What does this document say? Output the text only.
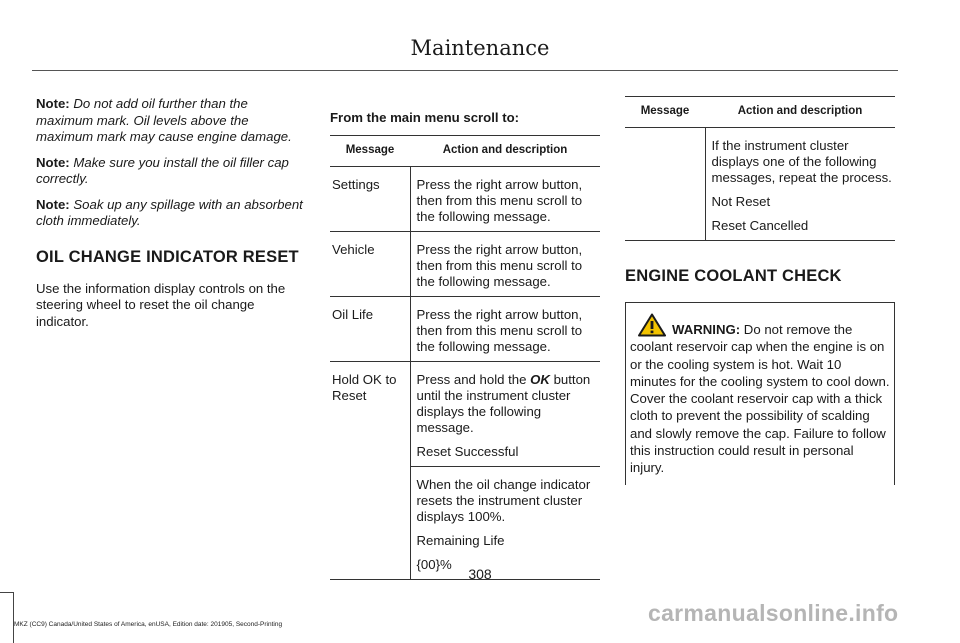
Maintenance

Note: Do not add oil further than the maximum mark. Oil levels above the maximum mark may cause engine damage.

Note: Make sure you install the oil filler cap correctly.

Note: Soak up any spillage with an absorbent cloth immediately.

OIL CHANGE INDICATOR RESET

Use the information display controls on the steering wheel to reset the oil change indicator.

From the main menu scroll to:
Message	Action and description
Settings	Press the right arrow button, then from this menu scroll to the following message.
Vehicle	Press the right arrow button, then from this menu scroll to the following message.
Oil Life	Press the right arrow button, then from this menu scroll to the following message.
Hold OK to Reset	Press and hold the OK button until the instrument cluster displays the following message.
Reset Successful

	When the oil change indicator resets the instrument cluster displays 100%.
Remaining Life
{00}%
Message	Action and description

	If the instrument cluster displays one of the following messages, repeat the process.
Not Reset
Reset Cancelled
ENGINE COOLANT CHECK
WARNING: Do not remove the coolant reservoir cap when the engine is on or the cooling system is hot. Wait 10 minutes for the cooling system to cool down. Cover the coolant reservoir cap with a thick cloth to prevent the possibility of scalding and slowly remove the cap. Failure to follow this instruction could result in personal injury.
308
MKZ (CC9) Canada/United States of America, enUSA, Edition date: 201905, Second-Printing	carmanualsonline.info
